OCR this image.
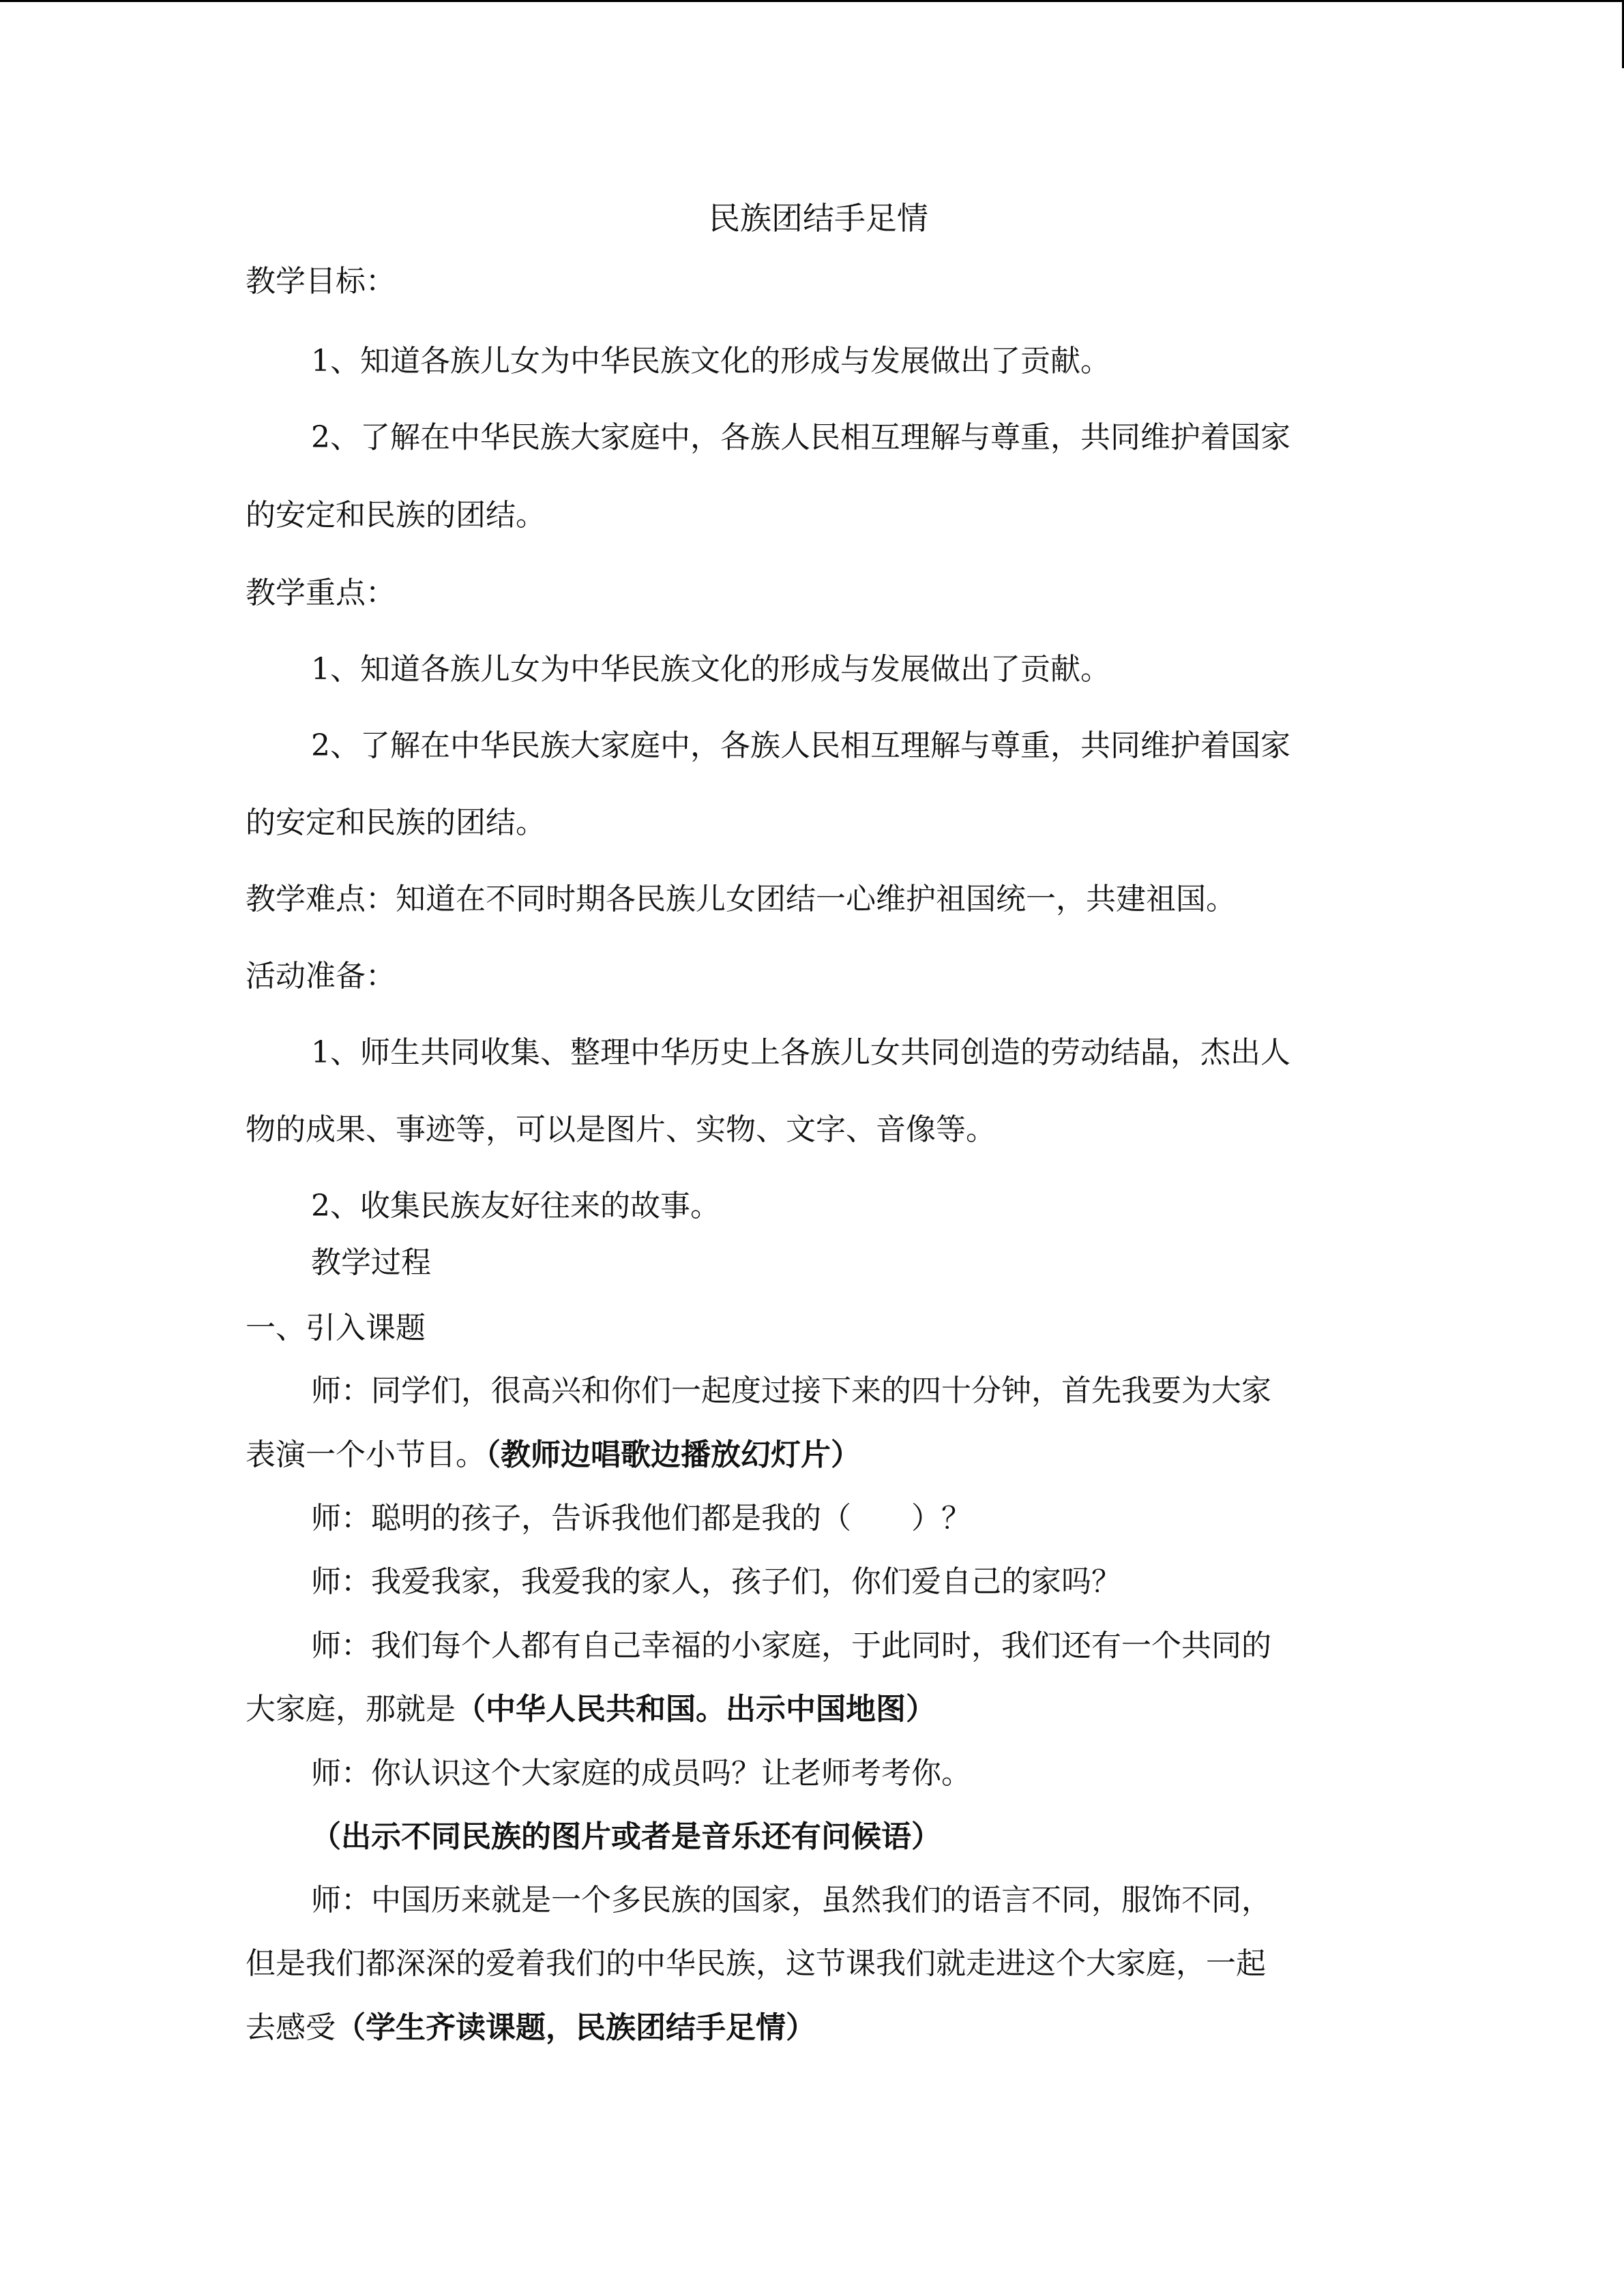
民族团结手足情
教学目标：
1、知道各族儿女为中华民族文化的形成与发展做出了贡献。
2、了解在中华民族大家庭中，各族人民相互理解与尊重，共同维护着国家
的安定和民族的团结。
教学重点：
1、知道各族儿女为中华民族文化的形成与发展做出了贡献。
2、了解在中华民族大家庭中，各族人民相互理解与尊重，共同维护着国家
的安定和民族的团结。
教学难点：知道在不同时期各民族儿女团结一心维护祖国统一，共建祖国。
活动准备：
1、师生共同收集、整理中华历史上各族儿女共同创造的劳动结晶，杰出人
物的成果、事迹等，可以是图片、实物、文字、音像等。
2、收集民族友好往来的故事。
教学过程
一、引入课题
师：同学们，很高兴和你们一起度过接下来的四十分钟，首先我要为大家
表演一个小节目。（教师边唱歌边播放幻灯片）
师：聪明的孩子，告诉我他们都是我的（　　）？
师：我爱我家，我爱我的家人，孩子们，你们爱自己的家吗？
师：我们每个人都有自己幸福的小家庭，于此同时，我们还有一个共同的
大家庭，那就是（中华人民共和国。出示中国地图）
师：你认识这个大家庭的成员吗？让老师考考你。
（出示不同民族的图片或者是音乐还有问候语）
师：中国历来就是一个多民族的国家，虽然我们的语言不同，服饰不同，
但是我们都深深的爱着我们的中华民族，这节课我们就走进这个大家庭，一起
去感受（学生齐读课题，民族团结手足情）
